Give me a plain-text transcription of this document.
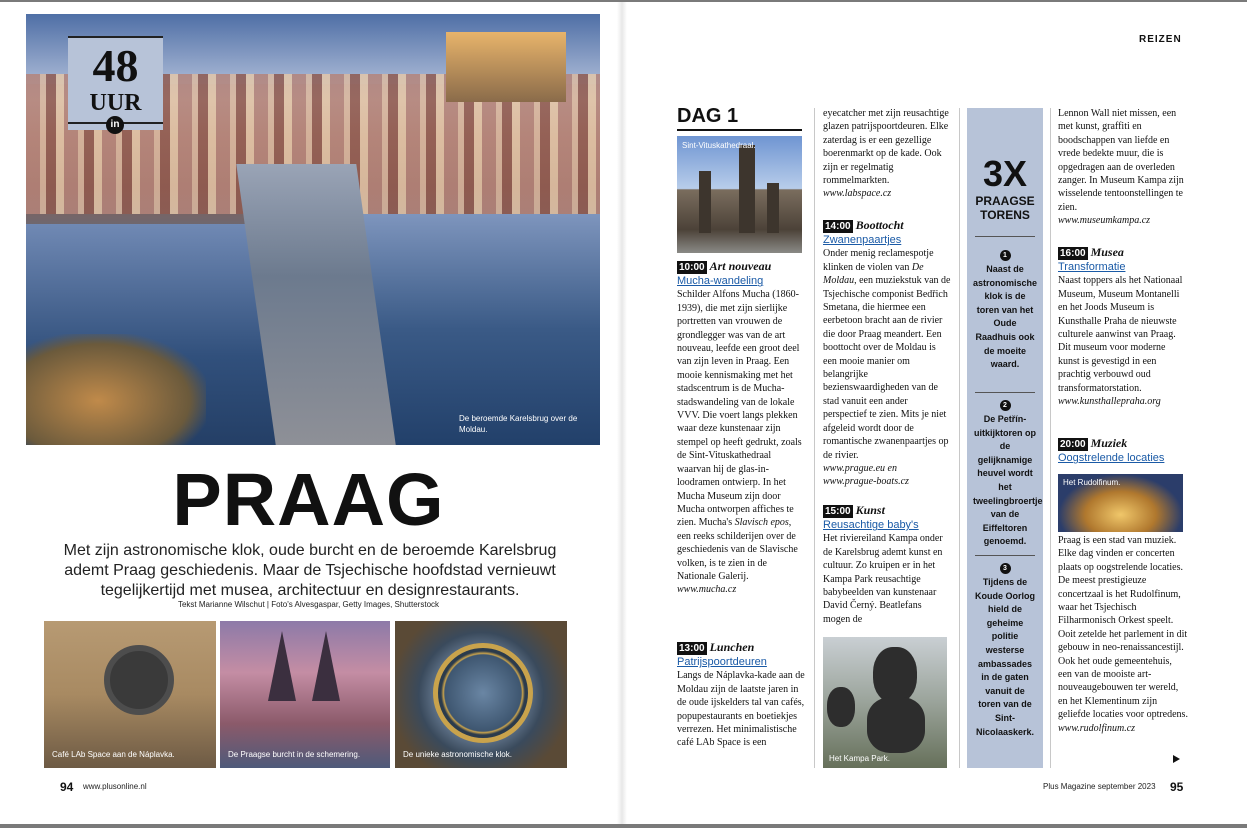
De beroemde Karelsbrug over de Moldau.
48
UUR
in
PRAAG
Met zijn astronomische klok, oude burcht en de beroemde Karelsbrug ademt Praag geschiedenis. Maar de Tsjechische hoofdstad vernieuwt tegelijkertijd met musea, architectuur en designrestaurants.
Tekst Marianne Wilschut | Foto's Alvesgaspar, Getty Images, Shutterstock
Café LAb Space aan de Náplavka.	De Praagse burcht in de schemering.	De unieke astronomische klok.
94 www.plusonline.nl
REIZEN
DAG 1
Sint-Vituskathedraal.

10:00 Art nouveau

Mucha-wandeling

Schilder Alfons Mucha (1860-1939), die met zijn sierlijke portretten van vrouwen de grondlegger was van de art nouveau, leefde een groot deel van zijn leven in Praag. Een mooie kennismaking met het stadscentrum is de Mucha-stadswandeling van de lokale VVV. Die voert langs plekken waar deze kunstenaar zijn stempel op heeft gedrukt, zoals de Sint-Vituskathedraal waarvan hij de glas-in-loodramen ontwierp. In het Mucha Museum zijn door Mucha ontworpen affiches te zien. Mucha's Slavisch epos, een reeks schilderijen over de geschiedenis van de Slavische volken, is te zien in de Nationale Galerij.

www.mucha.cz

13:00 Lunchen

Patrijspoortdeuren

Langs de Náplavka-kade aan de Moldau zijn de laatste jaren in de oude ijskelders tal van cafés, popupestaurants en boetiekjes verrezen. Het minimalistische café LAb Space is een

eyecatcher met zijn reusachtige glazen patrijspoortdeuren. Elke zaterdag is er een gezellige boerenmarkt op de kade. Ook zijn er regelmatig rommelmarkten.

www.labspace.cz

14:00 Boottocht

Zwanenpaartjes

Onder menig reclamespotje klinken de violen van De Moldau, een muziekstuk van de Tsjechische componist Bedřich Smetana, die hiermee een eerbetoon bracht aan de rivier die door Praag meandert. Een boottocht over de Moldau is een mooie manier om belangrijke bezienswaardigheden van de stad vanuit een ander perspectief te zien. Mits je niet afgeleid wordt door de romantische zwanenpaartjes op de rivier.

www.prague.eu en www.prague-boats.cz

15:00 Kunst

Reusachtige baby's

Het riviereiland Kampa onder de Karelsbrug ademt kunst en cultuur. Zo kruipen er in het Kampa Park reusachtige babybeelden van kunstenaar David Černý. Beatlefans mogen de

Het Kampa Park.
3X
PRAAGSE TORENS
1
Naast de astronomische klok is de toren van het Oude Raadhuis ook de moeite waard.
2
De Petřín-uitkijktoren op de gelijknamige heuvel wordt het tweelingbroertje van de Eiffeltoren genoemd.
3
Tijdens de Koude Oorlog hield de geheime politie westerse ambassades in de gaten vanuit de toren van de Sint-Nicolaaskerk.

Lennon Wall niet missen, een met kunst, graffiti en boodschappen van liefde en vrede bedekte muur, die is opgedragen aan de overleden zanger. In Museum Kampa zijn wisselende tentoonstellingen te zien.

www.museumkampa.cz

16:00 Musea

Transformatie

Naast toppers als het Nationaal Museum, Museum Montanelli en het Joods Museum is Kunsthalle Praha de nieuwste culturele aanwinst van Praag. Dit museum voor moderne kunst is gevestigd in een prachtig verbouwd oud transformatorstation.

www.kunsthallepraha.org

20:00 Muziek

Oogstrelende locaties

Praag is een stad van muziek. Elke dag vinden er concerten plaats op oogstrelende locaties. De meest prestigieuze concertzaal is het Rudolfinum, waar het Tsjechisch Filharmonisch Orkest speelt. Ooit zetelde het parlement in dit gebouw in neo-renaissancestijl. Ook het oude gemeentehuis, een van de mooiste art-nouveaugebouwen ter wereld, en het Klementinum zijn geliefde locaties voor optredens.

www.rudolfinum.cz

Het Rudolfinum.
Plus Magazine september 2023 95
